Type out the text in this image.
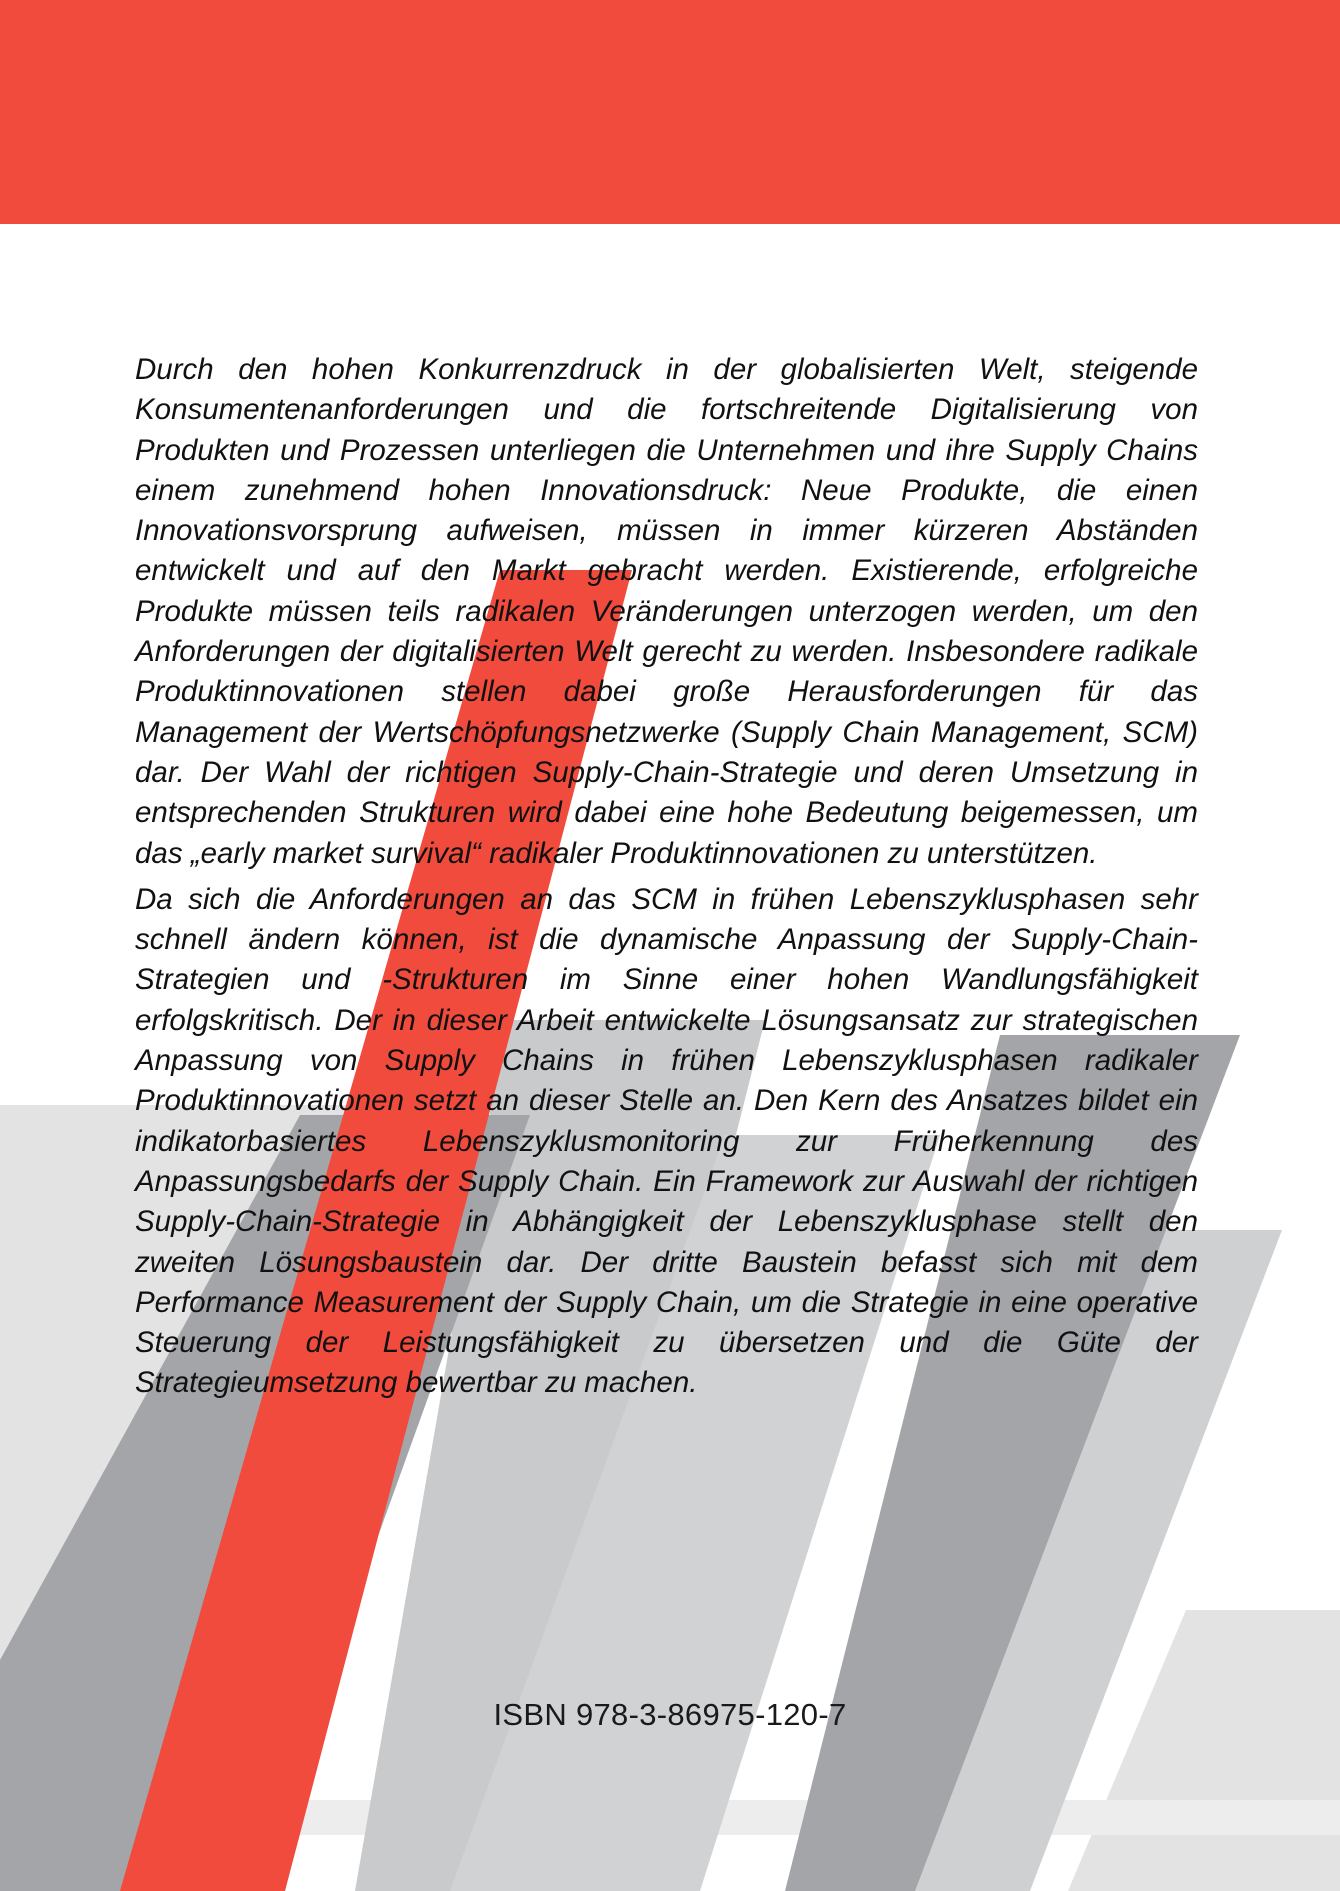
Durch den hohen Konkurrenzdruck in der globalisierten Welt, steigende Konsumentenanforderungen und die fortschreitende Digitalisierung von Produkten und Prozessen unterliegen die Unternehmen und ihre Supply Chains einem zunehmend hohen Innovationsdruck: Neue Produkte, die einen Innovationsvorsprung aufweisen, müssen in immer kürzeren Abständen entwickelt und auf den Markt gebracht werden. Existierende, erfolgreiche Produkte müssen teils radikalen Veränderungen unterzogen werden, um den Anforderungen der digitalisierten Welt gerecht zu werden. Insbesondere radikale Produktinnovationen stellen dabei große Herausforderungen für das Management der Wertschöpfungsnetzwerke (Supply Chain Management, SCM) dar. Der Wahl der richtigen Supply-Chain-Strategie und deren Umsetzung in entsprechenden Strukturen wird dabei eine hohe Bedeutung beigemessen, um das „early market survival“ radikaler Produktinnovationen zu unterstützen.

Da sich die Anforderungen an das SCM in frühen Lebenszyklusphasen sehr schnell ändern können, ist die dynamische Anpassung der Supply-Chain-Strategien und -Strukturen im Sinne einer hohen Wandlungsfähigkeit erfolgskritisch. Der in dieser Arbeit entwickelte Lösungsansatz zur strategischen Anpassung von Supply Chains in frühen Lebenszyklusphasen radikaler Produktinnovationen setzt an dieser Stelle an. Den Kern des Ansatzes bildet ein indikatorbasiertes Lebenszyklusmonitoring zur Früherkennung des Anpassungsbedarfs der Supply Chain. Ein Framework zur Auswahl der richtigen Supply-Chain-Strategie in Abhängigkeit der Lebenszyklusphase stellt den zweiten Lösungsbaustein dar. Der dritte Baustein befasst sich mit dem Performance Measurement der Supply Chain, um die Strategie in eine operative Steuerung der Leistungsfähigkeit zu übersetzen und die Güte der Strategieumsetzung bewertbar zu machen.

ISBN 978-3-86975-120-7
